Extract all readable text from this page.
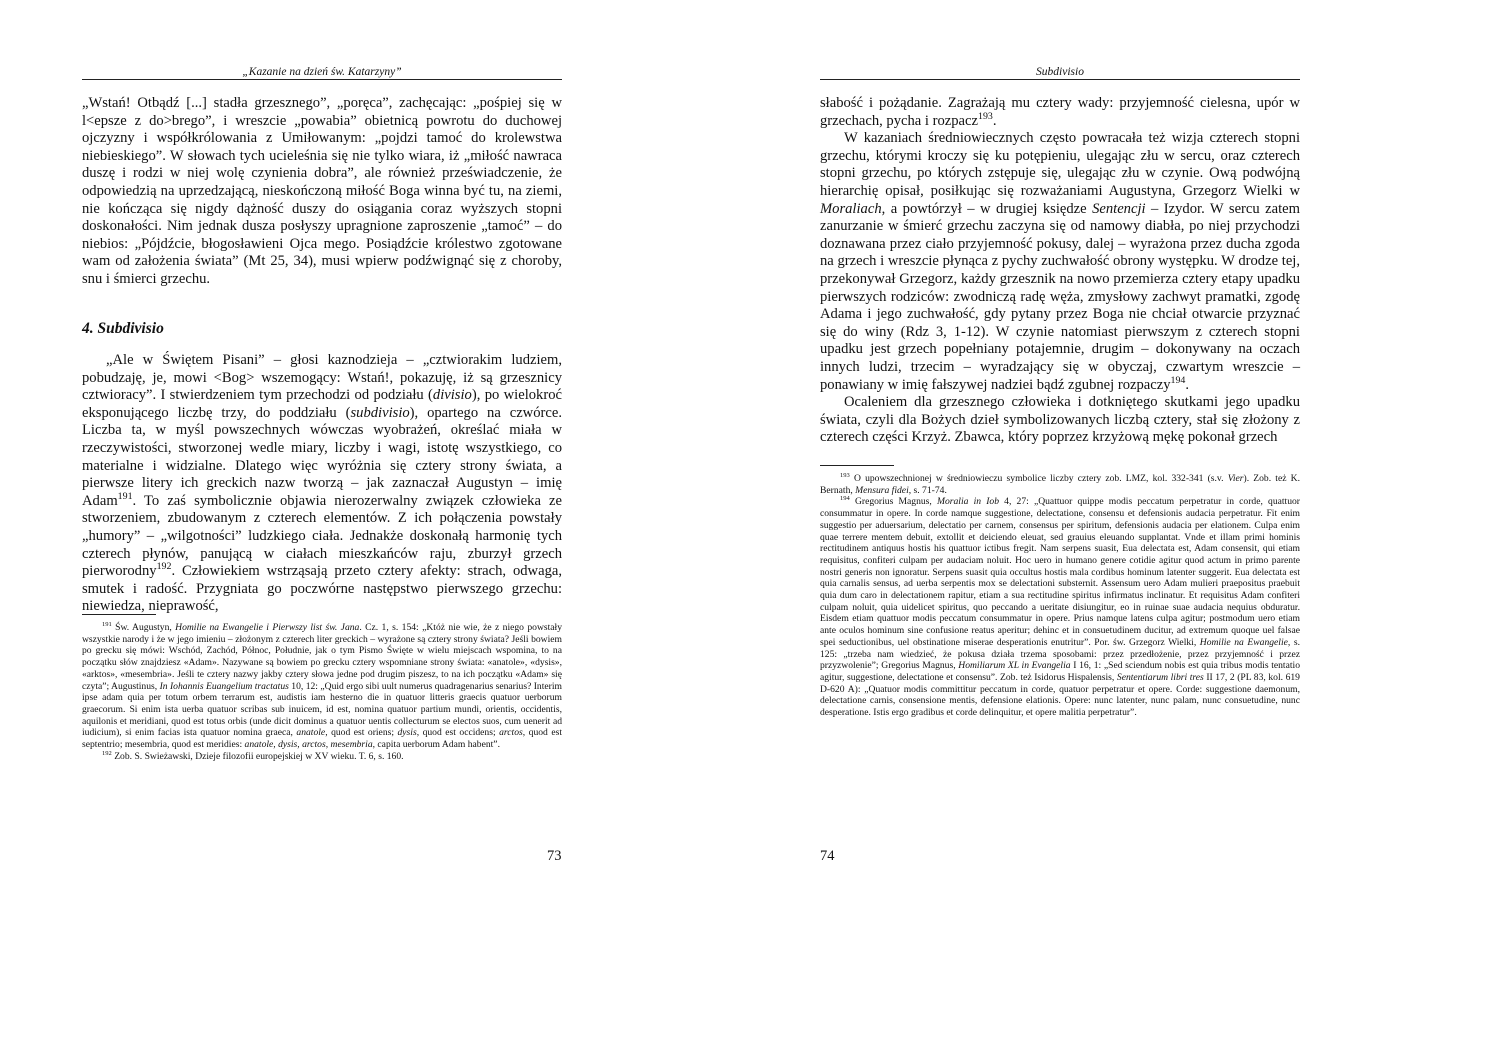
„Kazanie na dzień św. Katarzyny”

„Wstań! Otbądź [...] stadła grzesznego”, „poręca”, zachęcając: „pośpiej się w l<epsze z do>brego”, i wreszcie „powabia” obietnicą powrotu do duchowej ojczyzny i współkrólowania z Umiłowanym: „pojdzi tamoć do krolewstwa niebieskiego”. W słowach tych ucieleśnia się nie tylko wiara, iż „miłość nawraca duszę i rodzi w niej wolę czynienia dobra”, ale również przeświadczenie, że odpowiedzią na uprzedzającą, nieskończoną miłość Boga winna być tu, na ziemi, nie kończąca się nigdy dążność duszy do osiągania coraz wyższych stopni doskonałości. Nim jednak dusza posłyszy upragnione zaproszenie „tamoć” – do niebios: „Pójdźcie, błogosławieni Ojca mego. Posiądźcie królestwo zgotowane wam od założenia świata” (Mt 25, 34), musi wpierw podźwignąć się z choroby, snu i śmierci grzechu.

4. Subdivisio

„Ale w Świętem Pisani” – głosi kaznodzieja – „cztwiorakim ludziem, pobudzaję, je, mowi <Bog> wszemogący: Wstań!, pokazuję, iż są grzesznicy cztwioracy”. I stwierdzeniem tym przechodzi od podziału (divisio), po wielokroć eksponującego liczbę trzy, do poddziału (subdivisio), opartego na czwórce. Liczba ta, w myśl powszechnych wówczas wyobrażeń, określać miała w rzeczywistości, stworzonej wedle miary, liczby i wagi, istotę wszystkiego, co materialne i widzialne. Dlatego więc wyróżnia się cztery strony świata, a pierwsze litery ich greckich nazw tworzą – jak zaznaczał Augustyn – imię Adam$^{191}$. To zaś symbolicznie objawia nierozerwalny związek człowieka ze stworzeniem, zbudowanym z czterech elementów. Z ich połączenia powstały „humory” – „wilgotności” ludzkiego ciała. Jednakże doskonałą harmonię tych czterech płynów, panującą w ciałach mieszkańców raju, zburzył grzech pierworodny$^{192}$. Człowiekiem wstrząsają przeto cztery afekty: strach, odwaga, smutek i radość. Przygniata go poczwórne następstwo pierwszego grzechu: niewiedza, nieprawość,

$^{191}$ Św. Augustyn, Homilie na Ewangelie i Pierwszy list św. Jana. Cz. 1, s. 154: „Któż nie wie, że z niego powstały wszystkie narody i że w jego imieniu – złożonym z czterech liter greckich – wyrażone są cztery strony świata? Jeśli bowiem po grecku się mówi: Wschód, Zachód, Północ, Południe, jak o tym Pismo Święte w wielu miejscach wspomina, to na początku słów znajdziesz «Adam». Nazywane są bowiem po grecku cztery wspomniane strony świata: «anatole», «dysis», «arktos», «mesembria». Jeśli te cztery nazwy jakby cztery słowa jedne pod drugim piszesz, to na ich początku «Adam» się czyta”; Augustinus, In Iohannis Euangelium tractatus 10, 12: „Quid ergo sibi uult numerus quadragenarius senarius? Interim ipse adam quia per totum orbem terrarum est, audistis iam hesterno die in quatuor litteris graecis quatuor uerborum graecorum. Si enim ista uerba quatuor scribas sub inuicem, id est, nomina quatuor partium mundi, orientis, occidentis, aquilonis et meridiani, quod est totus orbis (unde dicit dominus a quatuor uentis collecturum se electos suos, cum uenerit ad iudicium), si enim facias ista quatuor nomina graeca, anatole, quod est oriens; dysis, quod est occidens; arctos, quod est septentrio; mesembria, quod est meridies: anatole, dysis, arctos, mesembria, capita uerborum Adam habent”.

$^{192}$ Zob. S. Swieżawski, Dzieje filozofii europejskiej w XV wieku. T. 6, s. 160.

73
Subdivisio

słabość i pożądanie. Zagrażają mu cztery wady: przyjemność cielesna, upór w grzechach, pycha i rozpacz$^{193}$.

W kazaniach średniowiecznych często powracała też wizja czterech stopni grzechu, którymi kroczy się ku potępieniu, ulegając złu w sercu, oraz czterech stopni grzechu, po których zstępuje się, ulegając złu w czynie. Ową podwójną hierarchię opisał, posiłkując się rozważaniami Augustyna, Grzegorz Wielki w Moraliach, a powtórzył – w drugiej księdze Sentencji – Izydor. W sercu zatem zanurzanie w śmierć grzechu zaczyna się od namowy diabła, po niej przychodzi doznawana przez ciało przyjemność pokusy, dalej – wyrażona przez ducha zgoda na grzech i wreszcie płynąca z pychy zuchwałość obrony występku. W drodze tej, przekonywał Grzegorz, każdy grzesznik na nowo przemierza cztery etapy upadku pierwszych rodziców: zwodniczą radę węża, zmysłowy zachwyt pramatki, zgodę Adama i jego zuchwałość, gdy pytany przez Boga nie chciał otwarcie przyznać się do winy (Rdz 3, 1-12). W czynie natomiast pierwszym z czterech stopni upadku jest grzech popełniany potajemnie, drugim – dokonywany na oczach innych ludzi, trzecim – wyradzający się w obyczaj, czwartym wreszcie – ponawiany w imię fałszywej nadziei bądź zgubnej rozpaczy$^{194}$.

Ocaleniem dla grzesznego człowieka i dotkniętego skutkami jego upadku świata, czyli dla Bożych dzieł symbolizowanych liczbą cztery, stał się złożony z czterech części Krzyż. Zbawca, który poprzez krzyżową mękę pokonał grzech

$^{193}$ O upowszechnionej w średniowieczu symbolice liczby cztery zob. LMZ, kol. 332-341 (s.v. Vier). Zob. też K. Bernath, Mensura fidei, s. 71-74.

$^{194}$ Gregorius Magnus, Moralia in Iob 4, 27: „Quattuor quippe modis peccatum perpetratur in corde, quattuor consummatur in opere. In corde namque suggestione, delectatione, consensu et defensionis audacia perpetratur. Fit enim suggestio per aduersarium, delectatio per carnem, consensus per spiritum, defensionis audacia per elationem. Culpa enim quae terrere mentem debuit, extollit et deiciendo eleuat, sed grauius eleuando supplantat. Vnde et illam primi hominis rectitudinem antiquus hostis his quattuor ictibus fregit. Nam serpens suasit, Eua delectata est, Adam consensit, qui etiam requisitus, confiteri culpam per audaciam noluit. Hoc uero in humano genere cotidie agitur quod actum in primo parente nostri generis non ignoratur. Serpens suasit quia occultus hostis mala cordibus hominum latenter suggerit. Eua delectata est quia carnalis sensus, ad uerba serpentis mox se delectationi substernit. Assensum uero Adam mulieri praepositus praebuit quia dum caro in delectationem rapitur, etiam a sua rectitudine spiritus infirmatus inclinatur. Et requisitus Adam confiteri culpam noluit, quia uidelicet spiritus, quo peccando a ueritate disiungitur, eo in ruinae suae audacia nequius obduratur. Eisdem etiam quattuor modis peccatum consummatur in opere. Prius namque latens culpa agitur; postmodum uero etiam ante oculos hominum sine confusione reatus aperitur; dehinc et in consuetudinem ducitur, ad extremum quoque uel falsae spei seductionibus, uel obstinatione miserae desperationis enutritur”. Por. św. Grzegorz Wielki, Homilie na Ewangelie, s. 125: „trzeba nam wiedzieć, że pokusa działa trzema sposobami: przez przedłożenie, przez przyjemność i przez przyzwolenie”; Gregorius Magnus, Homiliarum XL in Evangelia I 16, 1: „Sed sciendum nobis est quia tribus modis tentatio agitur, suggestione, delectatione et consensu”. Zob. też Isidorus Hispalensis, Sententiarum libri tres II 17, 2 (PL 83, kol. 619 D-620 A): „Quatuor modis committitur peccatum in corde, quatuor perpetratur et opere. Corde: suggestione daemonum, delectatione carnis, consensione mentis, defensione elationis. Opere: nunc latenter, nunc palam, nunc consuetudine, nunc desperatione. Istis ergo gradibus et corde delinquitur, et opere malitia perpetratur”.

74
